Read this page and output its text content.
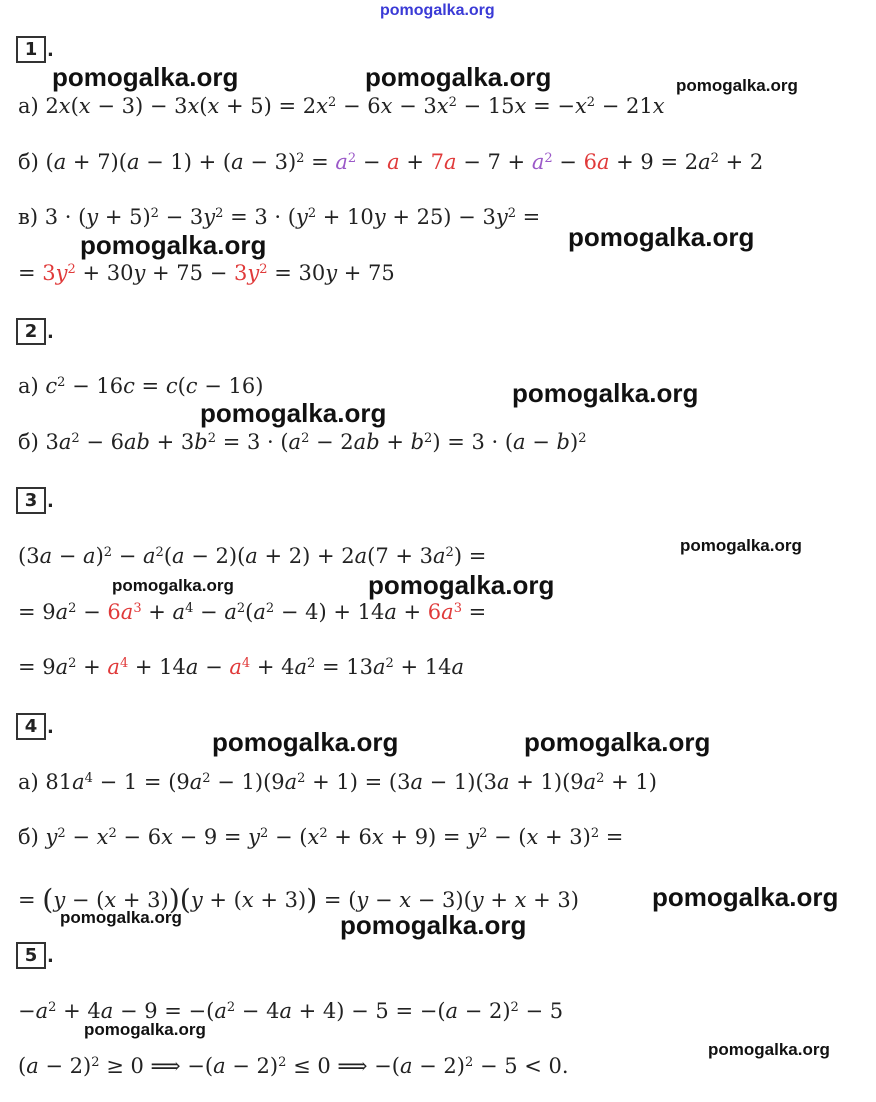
pomogalka.org
1 .
а) $2x(x - 3) - 3x(x + 5) = 2x^2 - 6x - 3x^2 - 15x = -x^2 - 21x$
б) $(a + 7)(a - 1) + (a - 3)^2 = a^2 - a + 7a - 7 + a^2 - 6a + 9 = 2a^2 + 2$
в) $3 \cdot (y + 5)^2 - 3y^2 = 3 \cdot (y^2 + 10y + 25) - 3y^2$ =
= $3y^2 + 30y + 75 - 3y^2 = 30y + 75$
2 .
а) $c^2 - 16c = c(c - 16)$
б) $3a^2 - 6ab + 3b^2 = 3 \cdot (a^2 - 2ab + b^2) = 3 \cdot (a - b)^2$
3 .
$(3a - a)^2 - a^2(a - 2)(a + 2) + 2a(7 + 3a^2)$ =
= $9a^2 - 6a^3 + a^4 - a^2(a^2 - 4) + 14a + 6a^3$ =
= $9a^2 + a^4 + 14a - a^4 + 4a^2 = 13a^2 + 14a$
4 .
а) $81a^4 - 1 = (9a^2 - 1)(9a^2 + 1) = (3a - 1)(3a + 1)(9a^2 + 1)$
б) $y^2 - x^2 - 6x - 9 = y^2 - (x^2 + 6x + 9) = y^2 - (x + 3)^2$ =
= (y − (x + 3))(y + (x + 3)) = (y − x − 3)(y + x + 3)
5 .
$-a^2 + 4a - 9 = -(a^2 - 4a + 4) - 5 = -(a - 2)^2 - 5$
$(a - 2)^2 \ge 0$ ⟹ $-(a - 2)^2 \le 0$ ⟹ $-(a - 2)^2 - 5 < 0$.
pomogalka.org	pomogalka.org	pomogalka.org
pomogalka.org	pomogalka.org
pomogalka.org
pomogalka.org
pomogalka.org
pomogalka.org	pomogalka.org
pomogalka.org	pomogalka.org
pomogalka.org
pomogalka.org	pomogalka.org
pomogalka.org
pomogalka.org
